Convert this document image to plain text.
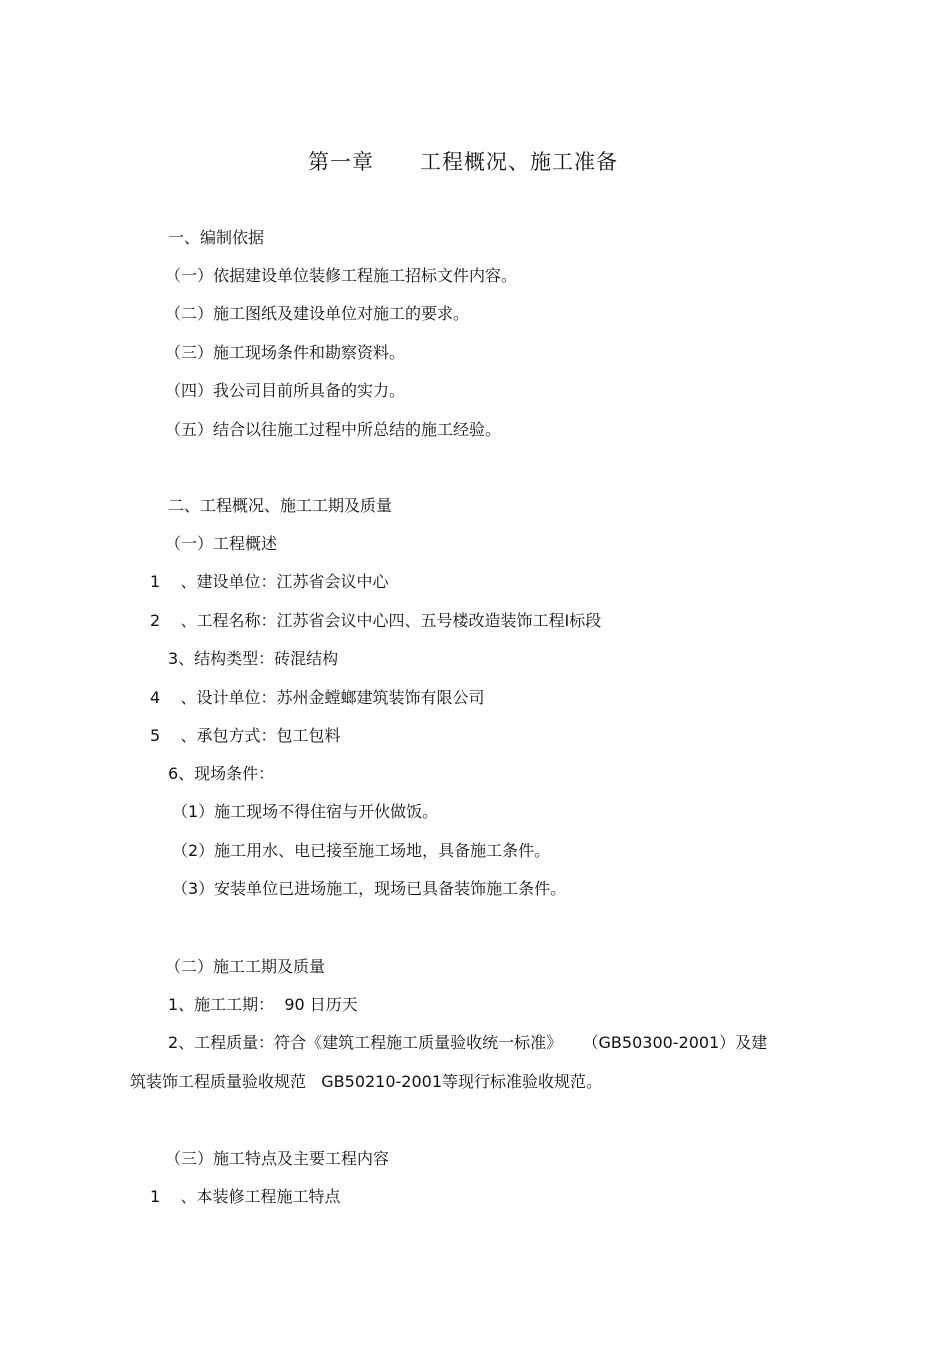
第一章      工程概况、施工准备
一、编制依据
（一）依据建设单位装修工程施工招标文件内容。
（二）施工图纸及建设单位对施工的要求。
（三）施工现场条件和勘察资料。
（四）我公司目前所具备的实力。
（五）结合以往施工过程中所总结的施工经验。
二、工程概况、施工工期及质量
（一）工程概述
1    、建设单位：江苏省会议中心
2    、工程名称：江苏省会议中心四、五号楼改造装饰工程Ⅰ标段
3、结构类型：砖混结构
4    、设计单位：苏州金螳螂建筑装饰有限公司
5    、承包方式：包工包料
6、现场条件：
（1）施工现场不得住宿与开伙做饭。
（2）施工用水、电已接至施工场地，具备施工条件。
（3）安装单位已进场施工，现场已具备装饰施工条件。
（二）施工工期及质量
1、施工工期：  90 日历天
2、工程质量：符合《建筑工程施工质量验收统一标准》    （GB50300-2001）及建
筑装饰工程质量验收规范   GB50210-2001等现行标准验收规范。
（三）施工特点及主要工程内容
1    、本装修工程施工特点
